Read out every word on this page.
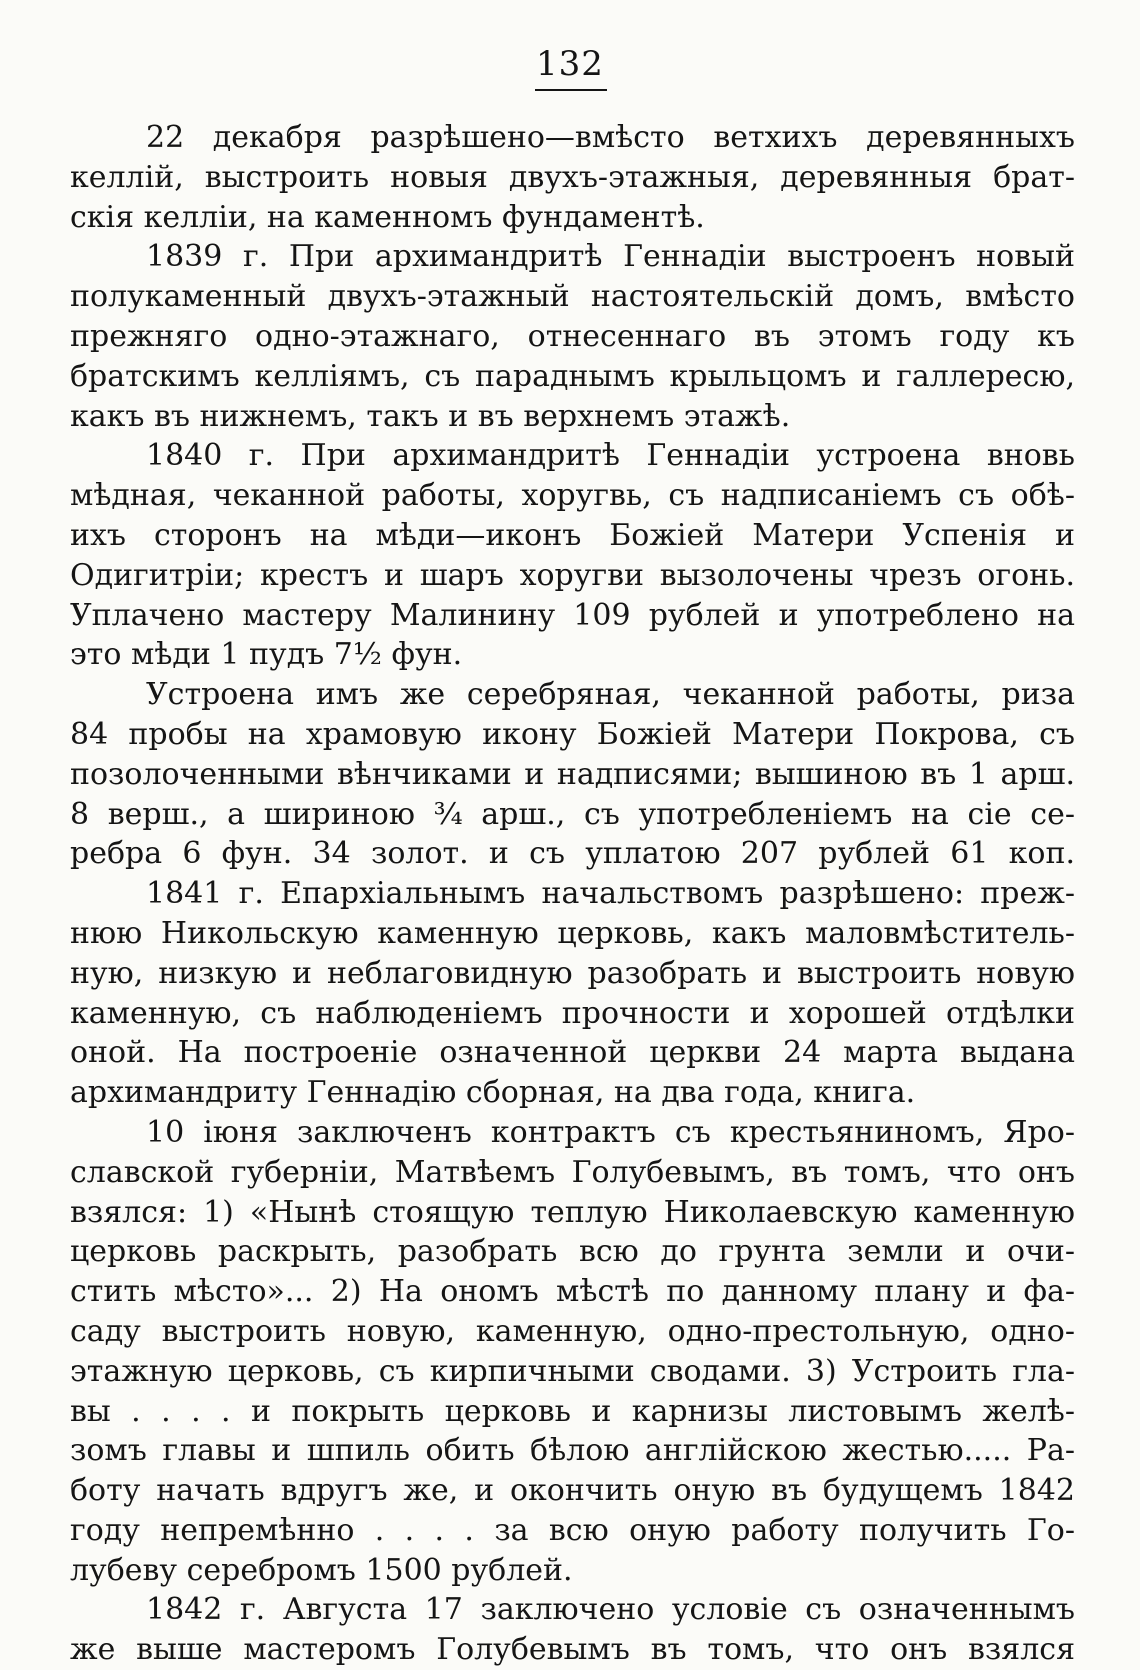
132
22 декабря разрѣшено—вмѣсто ветхихъ деревянныхъ
келлій, выстроить новыя двухъ-этажныя, деревянныя брат-
скія келліи, на каменномъ фундаментѣ.
1839 г. При архимандритѣ Геннадіи выстроенъ новый
полукаменный двухъ-этажный настоятельскій домъ, вмѣсто
прежняго одно-этажнаго, отнесеннаго въ этомъ году къ
братскимъ келліямъ, съ параднымъ крыльцомъ и галлересю,
какъ въ нижнемъ, такъ и въ верхнемъ этажѣ.
1840 г. При архимандритѣ Геннадіи устроена вновь
мѣдная, чеканной работы, хоругвь, съ надписаніемъ съ обѣ-
ихъ сторонъ на мѣди—иконъ Божіей Матери Успенія и
Одигитріи; крестъ и шаръ хоругви вызолочены чрезъ огонь.
Уплачено мастеру Малинину 109 рублей и употреблено на
это мѣди 1 пудъ 7½ фун.
Устроена имъ же серебряная, чеканной работы, риза
84 пробы на храмовую икону Божіей Матери Покрова, съ
позолоченными вѣнчиками и надписями; вышиною въ 1 арш.
8 верш., а шириною ¾ арш., съ употребленіемъ на сіе се-
ребра 6 фун. 34 золот. и съ уплатою 207 рублей 61 коп.
1841 г. Епархіальнымъ начальствомъ разрѣшено: преж-
нюю Никольскую каменную церковь, какъ маловмѣститель-
ную, низкую и неблаговидную разобрать и выстроить новую
каменную, съ наблюденіемъ прочности и хорошей отдѣлки
оной. На построеніе означенной церкви 24 марта выдана
архимандриту Геннадію сборная, на два года, книга.
10 іюня заключенъ контрактъ съ крестьяниномъ, Яро-
славской губерніи, Матвѣемъ Голубевымъ, въ томъ, что онъ
взялся: 1) «Нынѣ стоящую теплую Николаевскую каменную
церковь раскрыть, разобрать всю до грунта земли и очи-
стить мѣсто»... 2) На ономъ мѣстѣ по данному плану и фа-
саду выстроить новую, каменную, одно-престольную, одно-
этажную церковь, съ кирпичными сводами. 3) Устроить гла-
вы . . . . и покрыть церковь и карнизы листовымъ желѣ-
зомъ главы и шпиль обить бѣлою англійскою жестью..... Ра-
боту начать вдругъ же, и окончить оную въ будущемъ 1842
году непремѣнно . . . . за всю оную работу получить Го-
лубеву серебромъ 1500 рублей.
1842 г. Августа 17 заключено условіе съ означеннымъ
же выше мастеромъ Голубевымъ въ томъ, что онъ взялся
